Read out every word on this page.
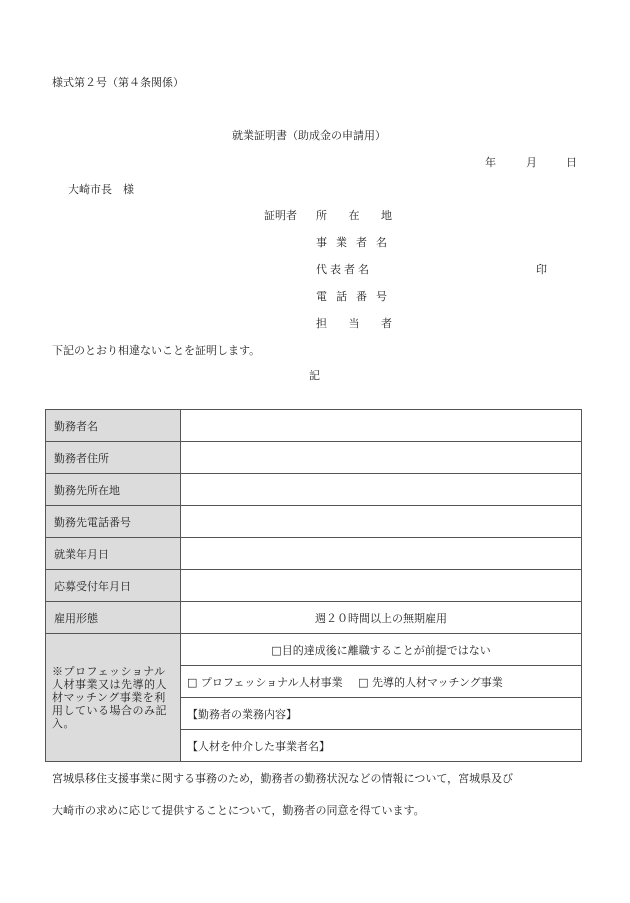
様式第２号（第４条関係）
就業証明書（助成金の申請用）
年	月	日
大崎市長　様
証明者 所 在 地
事業者名
代表者名	印
電話番号
担 当 者
下記のとおり相違ないことを証明します。
記
勤務者名	
勤務者住所	
勤務先所在地	
勤務先電話番号	
就業年月日	
応募受付年月日	
雇用形態	週２０時間以上の無期雇用
※プロフェッショナル人材事業又は先導的人材マッチング事業を利用している場合のみ記入。	□目的達成後に離職することが前提ではない
	□ プロフェッショナル人材事業 □ 先導的人材マッチング事業
	【勤務者の業務内容】
	【人材を仲介した事業者名】
宮城県移住支援事業に関する事務のため，勤務者の勤務状況などの情報について，宮城県及び
大崎市の求めに応じて提供することについて，勤務者の同意を得ています。
